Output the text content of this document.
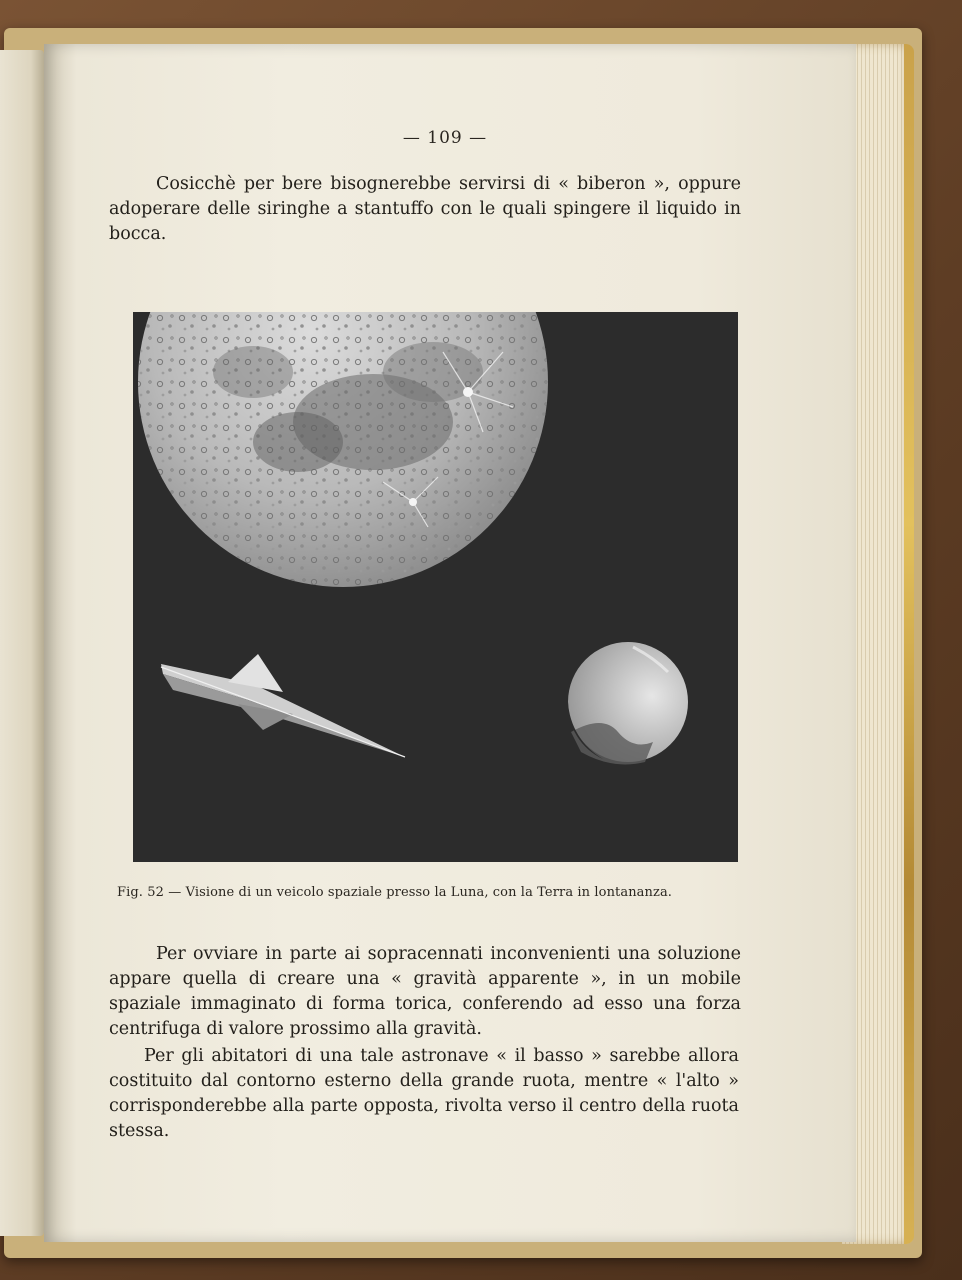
— 109 —

Cosicchè per bere bisognerebbe servirsi di « biberon », oppure adoperare delle siringhe a stantuffo con le quali spingere il liquido in bocca.

Fig. 52 — Visione di un veicolo spaziale presso la Luna, con la Terra in lontananza.

Per ovviare in parte ai sopracennati inconvenienti una soluzione appare quella di creare una « gravità apparente », in un mobile spaziale immaginato di forma torica, conferendo ad esso una forza centrifuga di valore prossimo alla gravità.

Per gli abitatori di una tale astronave « il basso » sarebbe allora costituito dal contorno esterno della grande ruota, mentre « l'alto » corrisponderebbe alla parte opposta, rivolta verso il centro della ruota stessa.
